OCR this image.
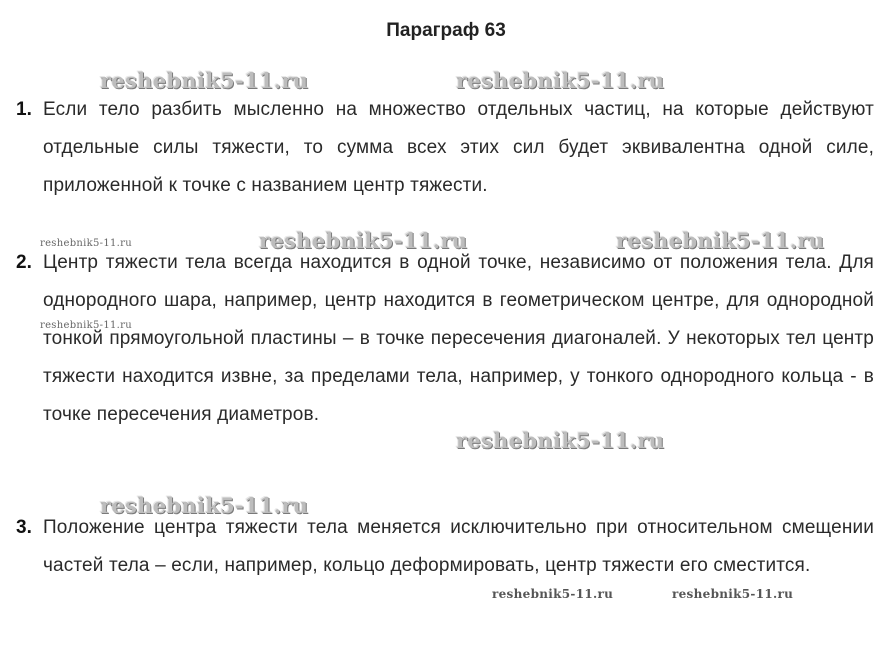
Параграф 63
reshebnik5-11.ru	reshebnik5-11.ru
reshebnik5-11.ru	reshebnik5-11.ru	reshebnik5-11.ru
reshebnik5-11.ru
reshebnik5-11.ru
reshebnik5-11.ru
reshebnik5-11.ru	reshebnik5-11.ru
1. Если тело разбить мысленно на множество отдельных частиц, на которые действуют отдельные силы тяжести, то сумма всех этих сил будет эквивалентна одной силе, приложенной к точке с названием центр тяжести.
2. Центр тяжести тела всегда находится в одной точке, независимо от положения тела. Для однородного шара, например, центр находится в геометрическом центре, для однородной тонкой прямоугольной пластины – в точке пересечения диагоналей. У некоторых тел центр тяжести находится извне, за пределами тела, например, у тонкого однородного кольца - в точке пересечения диаметров.
3. Положение центра тяжести тела меняется исключительно при относительном смещении частей тела – если, например, кольцо деформировать, центр тяжести его сместится.
